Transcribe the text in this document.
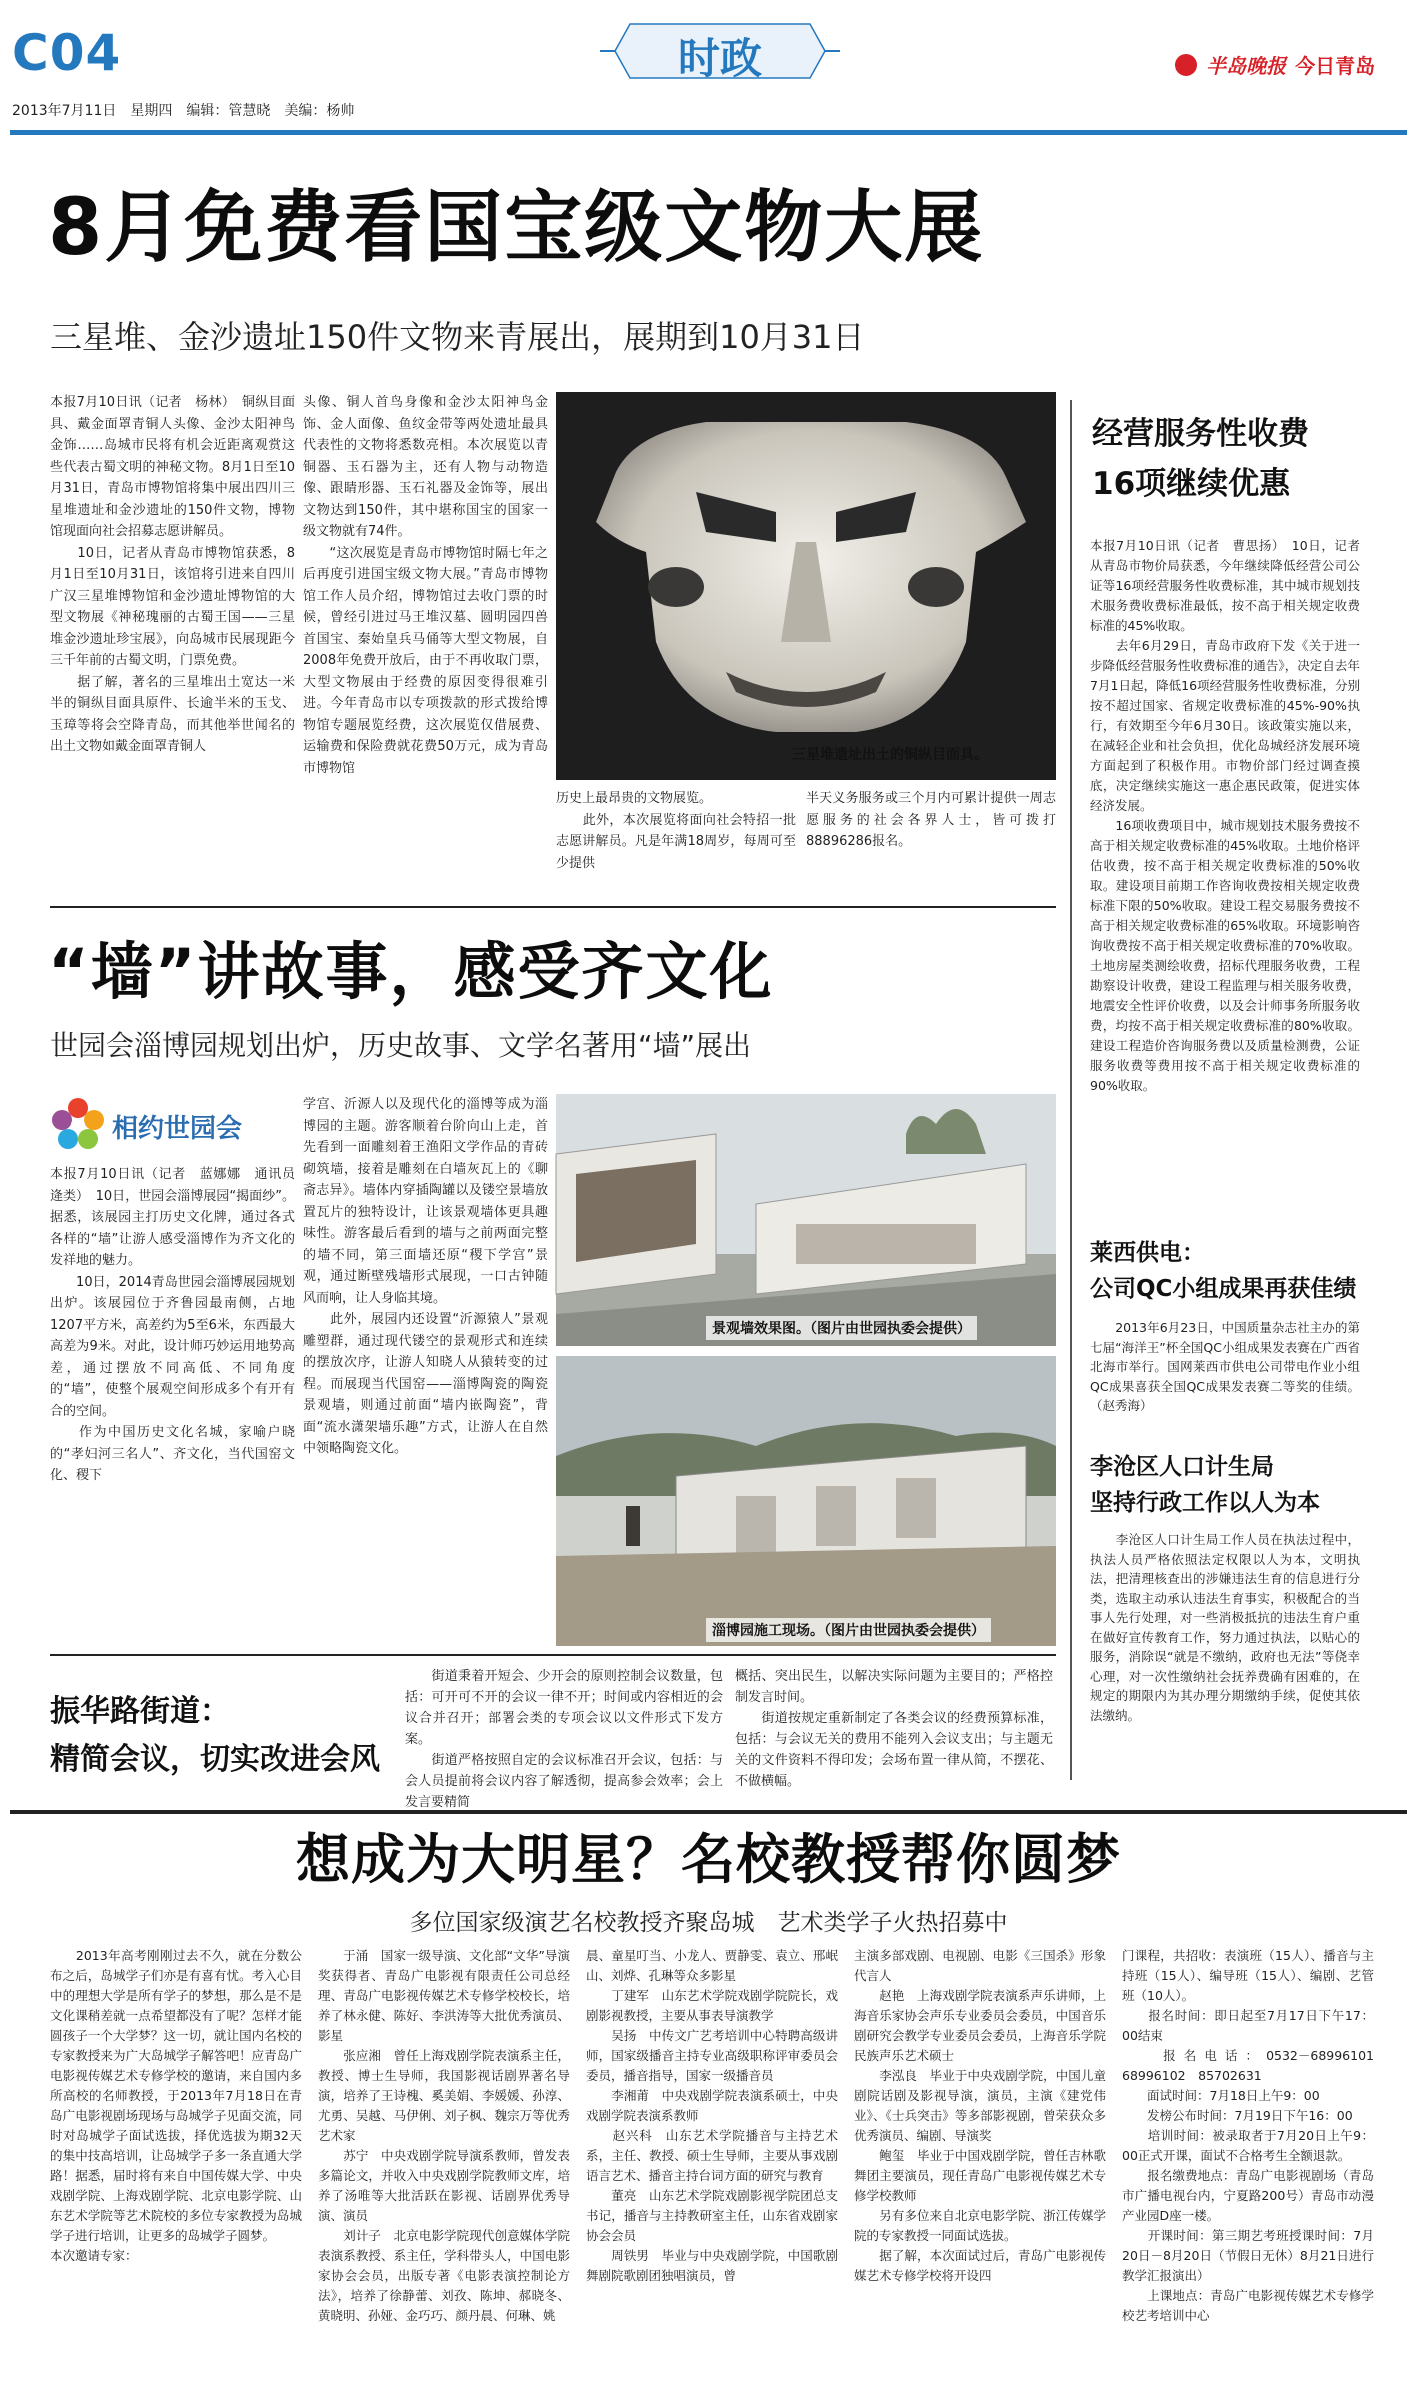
C04	时政	半岛晚报 今日青岛
2013年7月11日　星期四　编辑：管慧晓　美编：杨帅
8月免费看国宝级文物大展
三星堆、金沙遗址150件文物来青展出，展期到10月31日
本报7月10日讯（记者　杨林）　铜纵目面具、戴金面罩青铜人头像、金沙太阳神鸟金饰……岛城市民将有机会近距离观赏这些代表古蜀文明的神秘文物。8月1日至10月31日，青岛市博物馆将集中展出四川三星堆遗址和金沙遗址的150件文物，博物馆现面向社会招募志愿讲解员。
　　10日，记者从青岛市博物馆获悉，8月1日至10月31日，该馆将引进来自四川广汉三星堆博物馆和金沙遗址博物馆的大型文物展《神秘瑰丽的古蜀王国——三星堆金沙遗址珍宝展》，向岛城市民展现距今三千年前的古蜀文明，门票免费。
　　据了解，著名的三星堆出土宽达一米半的铜纵目面具原件、长逾半米的玉戈、玉璋等将会空降青岛，而其他举世闻名的出土文物如戴金面罩青铜人
头像、铜人首鸟身像和金沙太阳神鸟金饰、金人面像、鱼纹金带等两处遗址最具代表性的文物将悉数亮相。本次展览以青铜器、玉石器为主，还有人物与动物造像、跟睛形器、玉石礼器及金饰等，展出文物达到150件，其中堪称国宝的国家一级文物就有74件。
　　“这次展览是青岛市博物馆时隔七年之后再度引进国宝级文物大展。”青岛市博物馆工作人员介绍，博物馆过去收门票的时候，曾经引进过马王堆汉墓、圆明园四兽首国宝、秦始皇兵马俑等大型文物展，自2008年免费开放后，由于不再收取门票，大型文物展由于经费的原因变得很难引进。今年青岛市以专项拨款的形式拨给博物馆专题展览经费，这次展览仅借展费、运输费和保险费就花费50万元，成为青岛市博物馆
三星堆遗址出土的铜纵目面具。
历史上最昂贵的文物展览。
　　此外，本次展览将面向社会特招一批志愿讲解员。凡是年满18周岁，每周可至少提供
半天义务服务或三个月内可累计提供一周志愿服务的社会各界人士，皆可拨打88896286报名。
经营服务性收费
16项继续优惠
本报7月10日讯（记者　曹思扬）　10日，记者从青岛市物价局获悉，今年继续降低经营公司公证等16项经营服务性收费标准，其中城市规划技术服务费收费标准最低，按不高于相关规定收费标准的45%收取。
　　去年6月29日，青岛市政府下发《关于进一步降低经营服务性收费标准的通告》，决定自去年7月1日起，降低16项经营服务性收费标准，分别按不超过国家、省规定收费标准的45%-90%执行，有效期至今年6月30日。该政策实施以来，在减轻企业和社会负担，优化岛城经济发展环境方面起到了积极作用。市物价部门经过调查摸底，决定继续实施这一惠企惠民政策，促进实体经济发展。
　　16项收费项目中，城市规划技术服务费按不高于相关规定收费标准的45%收取。土地价格评估收费，按不高于相关规定收费标准的50%收取。建设项目前期工作咨询收费按相关规定收费标准下限的50%收取。建设工程交易服务费按不高于相关规定收费标准的65%收取。环境影响咨询收费按不高于相关规定收费标准的70%收取。土地房屋类测绘收费，招标代理服务收费，工程勘察设计收费，建设工程监理与相关服务收费，地震安全性评价收费，以及会计师事务所服务收费，均按不高于相关规定收费标准的80%收取。建设工程造价咨询服务费以及质量检测费，公证服务收费等费用按不高于相关规定收费标准的90%收取。
莱西供电：
公司QC小组成果再获佳绩
　　2013年6月23日，中国质量杂志社主办的第七届“海洋王”杯全国QC小组成果发表赛在广西省北海市举行。国网莱西市供电公司带电作业小组QC成果喜获全国QC成果发表赛二等奖的佳绩。（赵秀海）
李沧区人口计生局
坚持行政工作以人为本
　　李沧区人口计生局工作人员在执法过程中，执法人员严格依照法定权限以人为本，文明执法，把清理核查出的涉嫌违法生育的信息进行分类，选取主动承认违法生育事实，积极配合的当事人先行处理，对一些消极抵抗的违法生育户重在做好宣传教育工作，努力通过执法，以贴心的服务，消除误“就是不缴纳，政府也无法”等侥幸心理，对一次性缴纳社会抚养费确有困难的，在规定的期限内为其办理分期缴纳手续，促使其依法缴纳。
“墙”讲故事，感受齐文化
世园会淄博园规划出炉，历史故事、文学名著用“墙”展出
相约世园会
本报7月10日讯（记者　蓝娜娜　通讯员　逄类）　10日，世园会淄博展园“揭面纱”。据悉，该展园主打历史文化牌，通过各式各样的“墙”让游人感受淄博作为齐文化的发祥地的魅力。
　　10日，2014青岛世园会淄博展园规划出炉。该展园位于齐鲁园最南侧，占地1207平方米，高差约为5至6米，东西最大高差为9米。对此，设计师巧妙运用地势高差，通过摆放不同高低、不同角度的“墙”，使整个展观空间形成多个有开有合的空间。
　　作为中国历史文化名城，家喻户晓的“孝妇河三名人”、齐文化，当代国窑文化、稷下
学宫、沂源人以及现代化的淄博等成为淄博园的主题。游客顺着台阶向山上走，首先看到一面雕刻着王渔阳文学作品的青砖砌筑墙，接着是雕刻在白墙灰瓦上的《聊斋志异》。墙体内穿插陶罐以及镂空景墙放置瓦片的独特设计，让该景观墙体更具趣味性。游客最后看到的墙与之前两面完整的墙不同，第三面墙还原“稷下学宫”景观，通过断壁残墙形式展现，一口古钟随风而响，让人身临其境。
　　此外，展园内还设置“沂源猿人”景观雕塑群，通过现代镂空的景观形式和连续的摆放次序，让游人知晓人从猿转变的过程。而展现当代国窑——淄博陶瓷的陶瓷景观墙，则通过前面“墙内嵌陶瓷”，背面“流水潇架墙乐趣”方式，让游人在自然中领略陶瓷文化。
景观墙效果图。（图片由世园执委会提供）
淄博园施工现场。（图片由世园执委会提供）
振华路街道：
精简会议，切实改进会风
　　街道秉着开短会、少开会的原则控制会议数量，包括：可开可不开的会议一律不开；时间或内容相近的会议合并召开；部署会类的专项会议以文件形式下发方案。
　　街道严格按照自定的会议标准召开会议，包括：与会人员提前将会议内容了解透彻，提高参会效率；会上发言要精简
概括、突出民生，以解决实际问题为主要目的；严格控制发言时间。
　　街道按规定重新制定了各类会议的经费预算标准，包括：与会议无关的费用不能列入会议支出；与主题无关的文件资料不得印发；会场布置一律从简，不摆花、不做横幅。
想成为大明星？名校教授帮你圆梦
多位国家级演艺名校教授齐聚岛城　艺术类学子火热招募中
　　2013年高考刚刚过去不久，就在分数公布之后，岛城学子们亦是有喜有忧。考入心目中的理想大学是所有学子的梦想，那么是不是文化课稍差就一点希望都没有了呢？怎样才能圆孩子一个大学梦？这一切，就让国内名校的专家教授来为广大岛城学子解答吧！应青岛广电影视传媒艺术专修学校的邀请，来自国内多所高校的名师教授，于2013年7月18日在青岛广电影视剧场现场与岛城学子见面交流，同时对岛城学子面试选拔，择优选拔为期32天的集中技高培训，让岛城学子多一条直通大学路！据悉，届时将有来自中国传媒大学、中央戏剧学院、上海戏剧学院、北京电影学院、山东艺术学院等艺术院校的多位专家教授为岛城学子进行培训，让更多的岛城学子圆梦。
本次邀请专家：
　　于涌　国家一级导演、文化部“文华”导演奖获得者、青岛广电影视有限责任公司总经理、青岛广电影视传媒艺术专修学校校长，培养了林永健、陈好、李洪涛等大批优秀演员、影星
　　张应湘　曾任上海戏剧学院表演系主任，教授、博士生导师，我国影视话剧界著名导演，培养了王诗槐、奚美娟、李媛媛、孙淳、尤勇、吴越、马伊俐、刘子枫、魏宗万等优秀艺术家
　　苏宁　中央戏剧学院导演系教师，曾发表多篇论文，并收入中央戏剧学院教师文库，培养了汤唯等大批活跃在影视、话剧界优秀导演、演员
　　刘计子　北京电影学院现代创意媒体学院表演系教授、系主任，学科带头人，中国电影家协会会员，出版专著《电影表演控制论方法》，培养了徐静蕾、刘孜、陈坤、郝晓冬、黄晓明、孙娅、金巧巧、颜丹晨、何琳、姚
晨、童星叮当、小龙人、贾静雯、袁立、邢岷山、刘烨、孔琳等众多影星
　　丁建军　山东艺术学院戏剧学院院长，戏剧影视教授，主要从事表导演教学
　　吴扬　中传文广艺考培训中心特聘高级讲师，国家级播音主持专业高级职称评审委员会委员，播音指导，国家一级播音员
　　李湘莆　中央戏剧学院表演系硕士，中央戏剧学院表演系教师
　　赵兴科　山东艺术学院播音与主持艺术系，主任、教授、硕士生导师，主要从事戏剧语言艺术、播音主持台词方面的研究与教育
　　董亮　山东艺术学院戏剧影视学院团总支书记，播音与主持教研室主任，山东省戏剧家协会会员
　　周铁男　毕业与中央戏剧学院，中国歌剧舞剧院歌剧团独唱演员，曾
主演多部戏剧、电视剧、电影《三国杀》形象代言人
　　赵艳　上海戏剧学院表演系声乐讲师，上海音乐家协会声乐专业委员会委员，中国音乐剧研究会教学专业委员会委员，上海音乐学院民族声乐艺术硕士
　　李泓良　毕业于中央戏剧学院，中国儿童剧院话剧及影视导演，演员，主演《建党伟业》、《士兵突击》等多部影视剧，曾荣获众多优秀演员、编剧、导演奖
　　鲍玺　毕业于中国戏剧学院，曾任吉林歌舞团主要演员，现任青岛广电影视传媒艺术专修学校教师
　　另有多位来自北京电影学院、浙江传媒学院的专家教授一同面试选拔。
　　据了解，本次面试过后，青岛广电影视传媒艺术专修学校将开设四
门课程，共招收：表演班（15人）、播音与主持班（15人）、编导班（15人）、编剧、艺管班（10人）。
　　报名时间：即日起至7月17日下午17：00结束
　　报名电话：0532－68996101　68996102　85702631
　　面试时间：7月18日上午9：00
　　发榜公布时间：7月19日下午16：00
　　培训时间：被录取者于7月20日上午9：00正式开课，面试不合格考生全额退款。
　　报名缴费地点：青岛广电影视剧场（青岛市广播电视台内，宁夏路200号）青岛市动漫产业园D座一楼。
　　开课时间：第三期艺考班授课时间：7月20日－8月20日（节假日无休）8月21日进行教学汇报演出）
　　上课地点：青岛广电影视传媒艺术专修学校艺考培训中心
